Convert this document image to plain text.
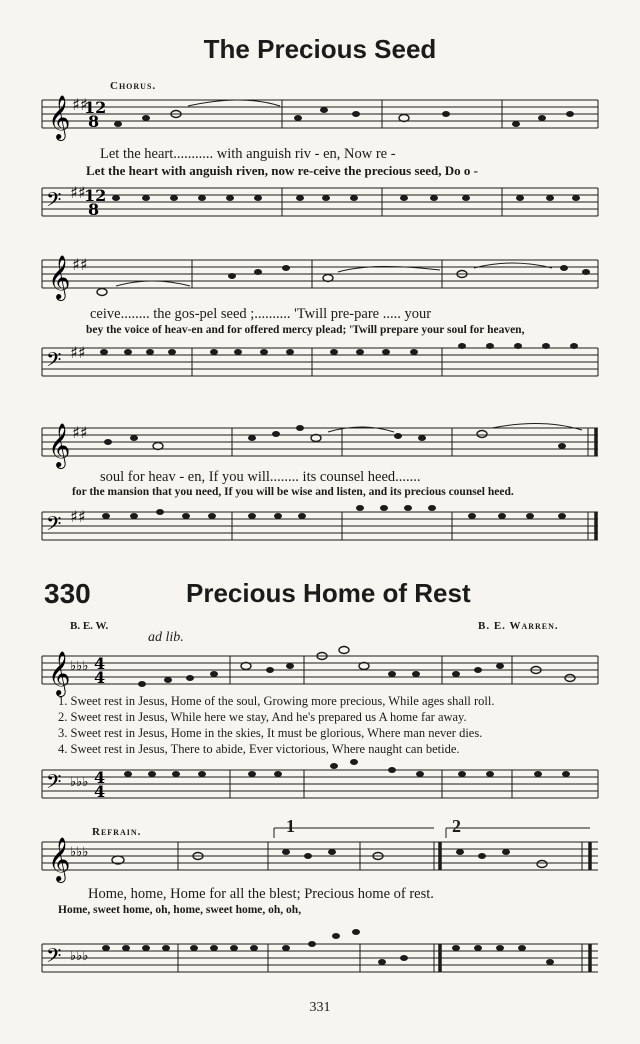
The Precious Seed
Chorus.
𝄞 ♯♯
12
8
Let the heart........... with anguish riv - en, Now re -
Let the heart with anguish riven, now re-ceive the precious seed, Do o -
𝄢 ♯♯
12
8
𝄞 ♯♯
ceive........ the gos-pel seed ;.......... 'Twill pre-pare ..... your
bey the voice of heav-en and for offered mercy plead; 'Twill prepare your soul for heaven,
𝄢 ♯♯
𝄞 ♯♯
soul for heav - en, If you will........ its counsel heed.......
for the mansion that you need, If you will be wise and listen, and its precious counsel heed.
𝄢 ♯♯
330	Precious Home of Rest
B. E. W.	B. E. Warren.
ad lib.
𝄞 ♭♭♭ 4
4
1. Sweet rest in Jesus, Home of the soul, Growing more precious, While ages shall roll.
2. Sweet rest in Jesus, While here we stay, And he's prepared us A home far away.
3. Sweet rest in Jesus, Home in the skies, It must be glorious, Where man never dies.
4. Sweet rest in Jesus, There to abide, Ever victorious, Where naught can betide.
𝄢 ♭♭♭ 4
4
Refrain.	1	2
𝄞 ♭♭♭
Home, home, Home for all the blest; Precious home of rest.
Home, sweet home, oh, home, sweet home, oh, oh,
𝄢 ♭♭♭
331
